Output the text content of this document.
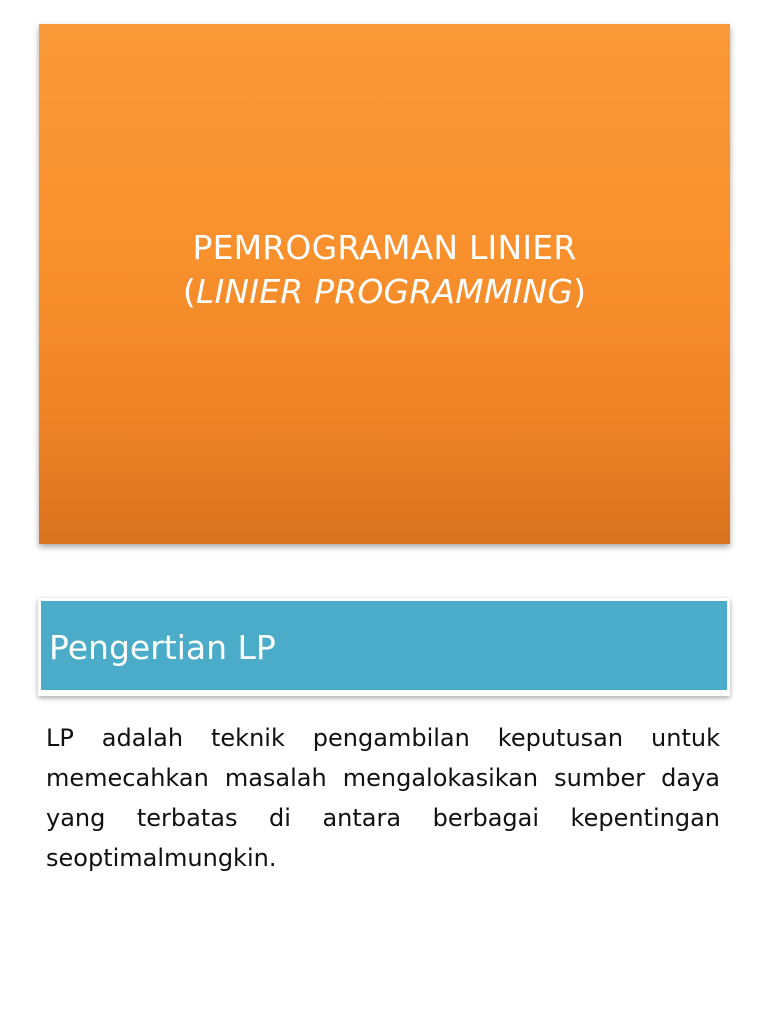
PEMROGRAMAN LINIER
(LINIER PROGRAMMING)
Pengertian LP
LP adalah teknik pengambilan keputusan untuk memecahkan masalah mengalokasikan sumber daya yang terbatas di antara berbagai kepentingan seoptimalmungkin.
